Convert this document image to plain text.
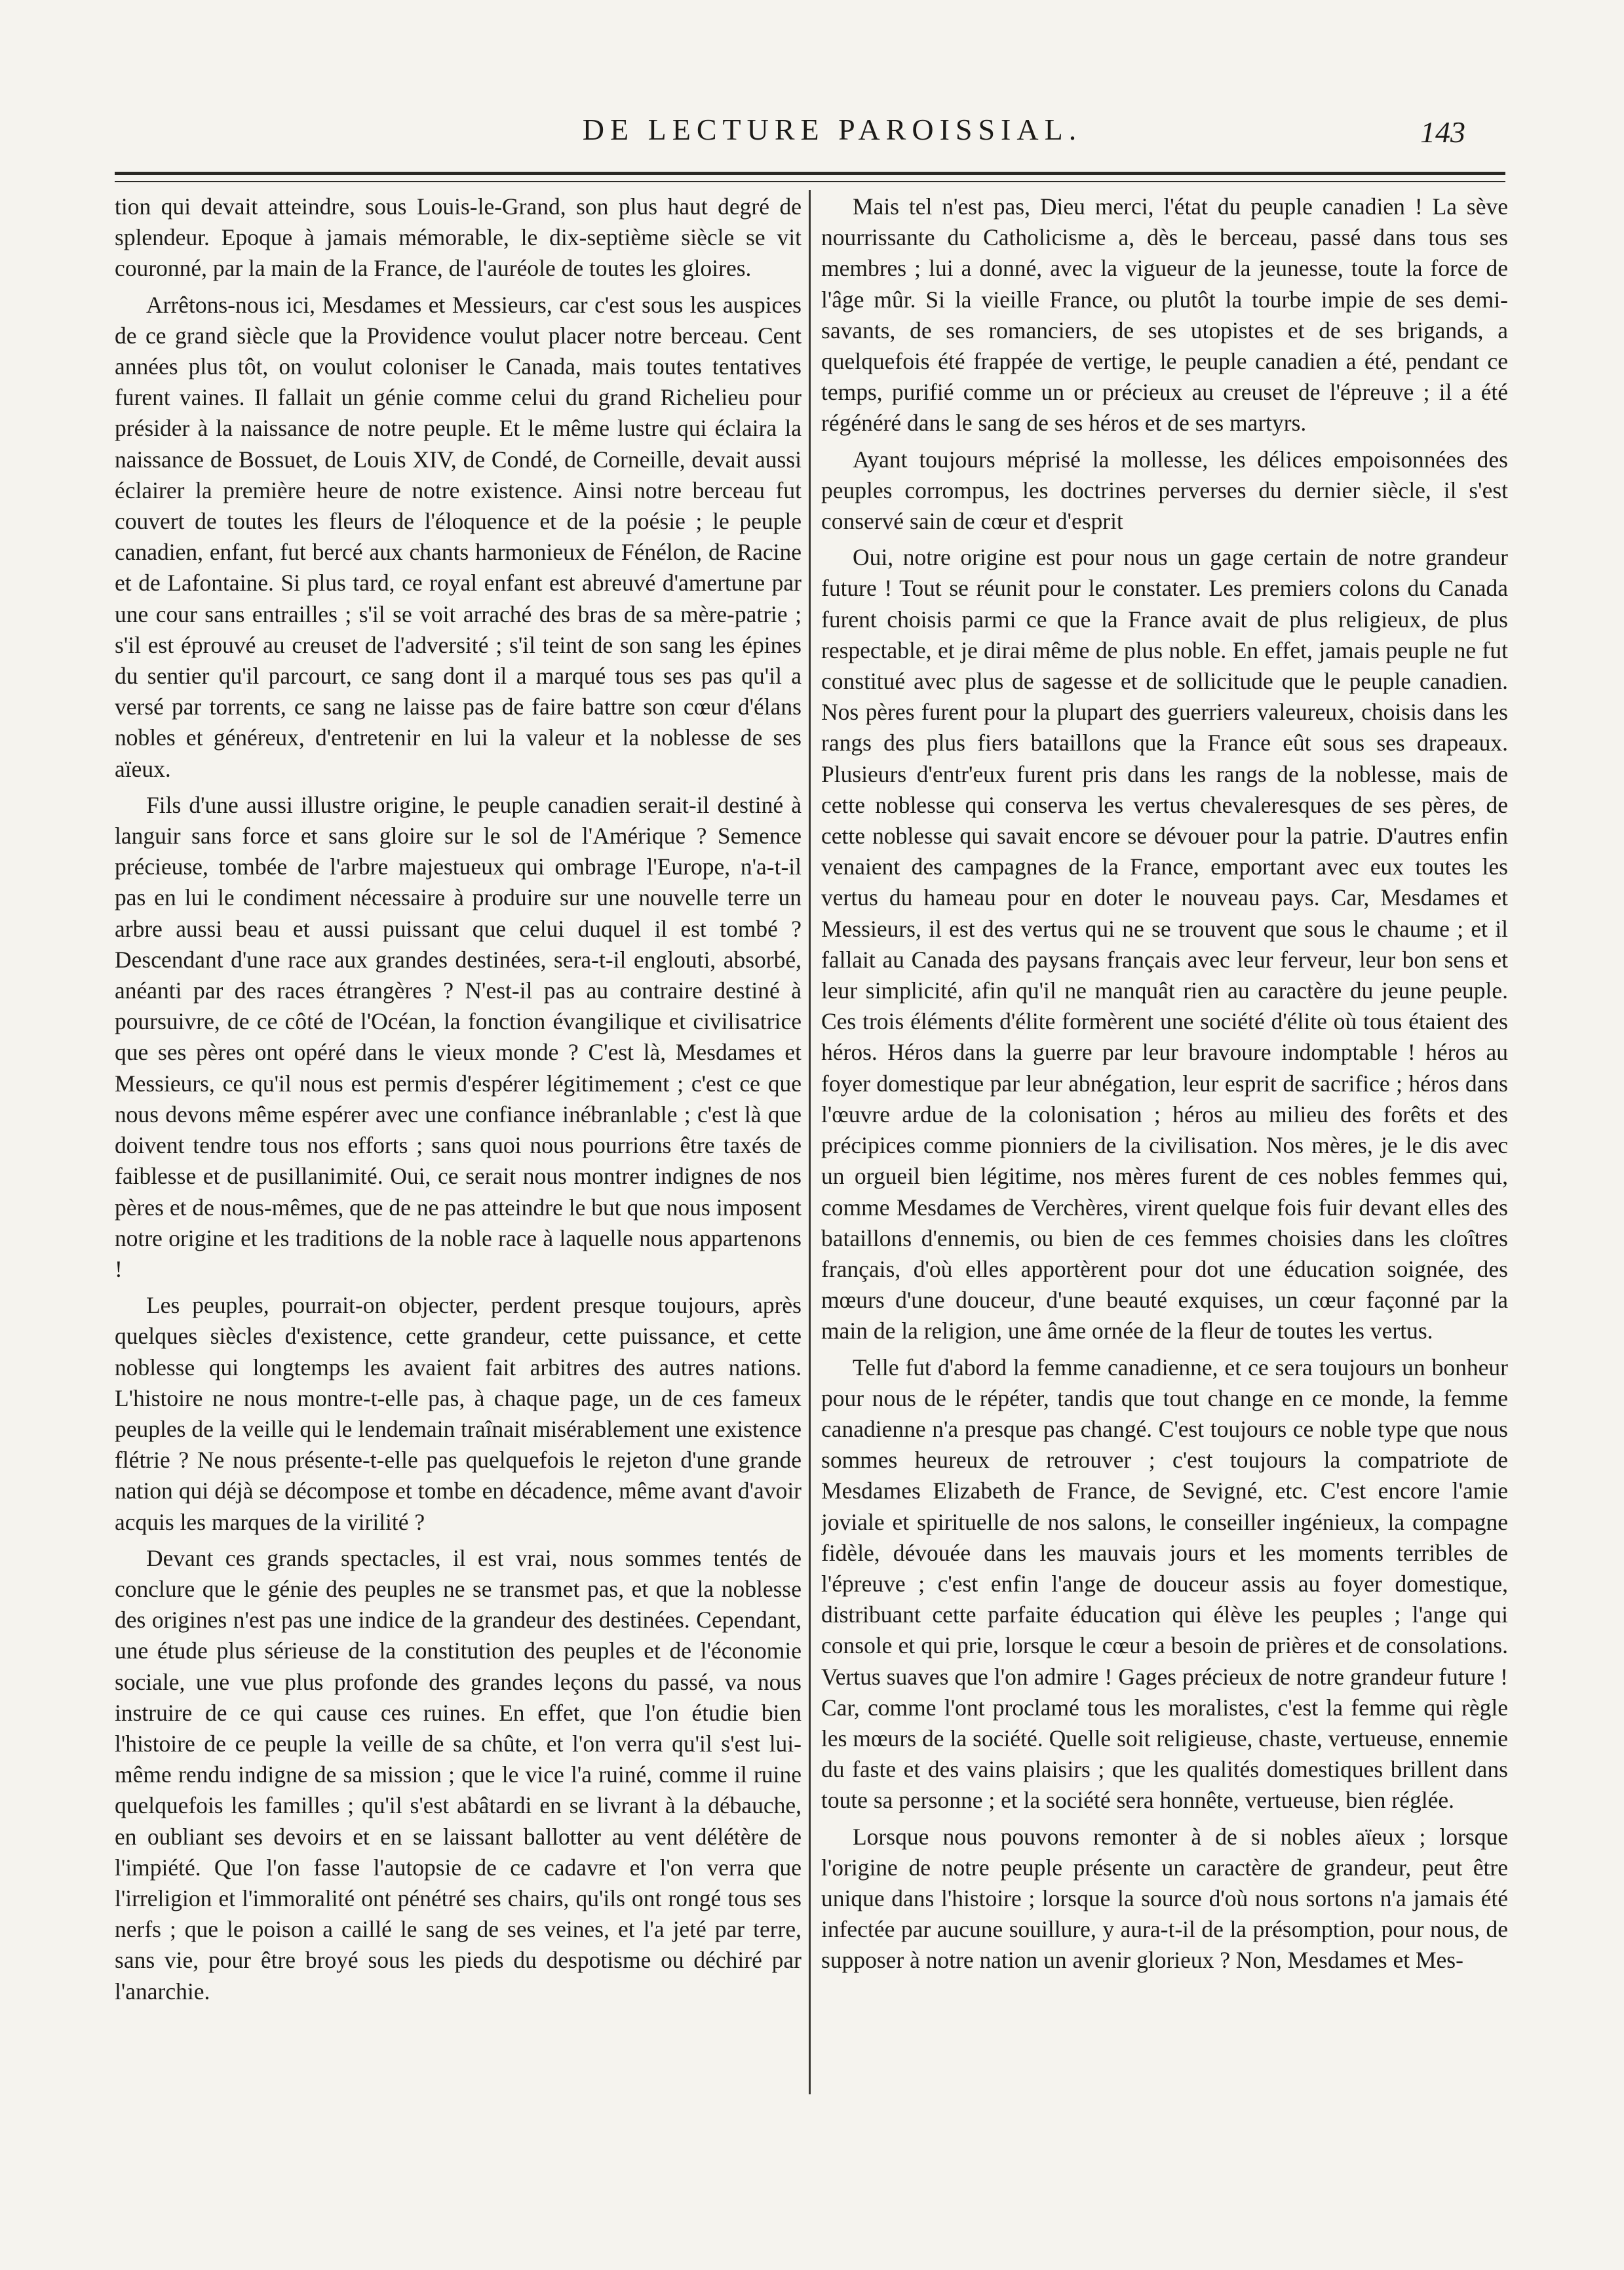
DE LECTURE PAROISSIAL.	143

tion qui devait atteindre, sous Louis-le-Grand, son plus haut degré de splendeur. Epoque à jamais mémorable, le dix-septième siècle se vit couronné, par la main de la France, de l'auréole de toutes les gloires.

Arrêtons-nous ici, Mesdames et Messieurs, car c'est sous les auspices de ce grand siècle que la Providence voulut placer notre berceau. Cent années plus tôt, on voulut coloniser le Canada, mais toutes tentatives furent vaines. Il fallait un génie comme celui du grand Richelieu pour présider à la naissance de notre peuple. Et le même lustre qui éclaira la naissance de Bossuet, de Louis XIV, de Condé, de Corneille, devait aussi éclairer la première heure de notre existence. Ainsi notre berceau fut couvert de toutes les fleurs de l'éloquence et de la poésie ; le peuple canadien, enfant, fut bercé aux chants harmonieux de Fénélon, de Racine et de Lafontaine. Si plus tard, ce royal enfant est abreuvé d'amertune par une cour sans entrailles ; s'il se voit arraché des bras de sa mère-patrie ; s'il est éprouvé au creuset de l'adversité ; s'il teint de son sang les épines du sentier qu'il parcourt, ce sang dont il a marqué tous ses pas qu'il a versé par torrents, ce sang ne laisse pas de faire battre son cœur d'élans nobles et généreux, d'entretenir en lui la valeur et la noblesse de ses aïeux.

Fils d'une aussi illustre origine, le peuple canadien serait-il destiné à languir sans force et sans gloire sur le sol de l'Amérique ? Semence précieuse, tombée de l'arbre majestueux qui ombrage l'Europe, n'a-t-il pas en lui le condiment nécessaire à produire sur une nouvelle terre un arbre aussi beau et aussi puissant que celui duquel il est tombé ? Descendant d'une race aux grandes destinées, sera-t-il englouti, absorbé, anéanti par des races étrangères ? N'est-il pas au contraire destiné à poursuivre, de ce côté de l'Océan, la fonction évangilique et civilisatrice que ses pères ont opéré dans le vieux monde ? C'est là, Mesdames et Messieurs, ce qu'il nous est permis d'espérer légitimement ; c'est ce que nous devons même espérer avec une confiance inébranlable ; c'est là que doivent tendre tous nos efforts ; sans quoi nous pourrions être taxés de faiblesse et de pusillanimité. Oui, ce serait nous montrer indignes de nos pères et de nous-mêmes, que de ne pas atteindre le but que nous imposent notre origine et les traditions de la noble race à laquelle nous appartenons !

Les peuples, pourrait-on objecter, perdent presque toujours, après quelques siècles d'existence, cette grandeur, cette puissance, et cette noblesse qui longtemps les avaient fait arbitres des autres nations. L'histoire ne nous montre-t-elle pas, à chaque page, un de ces fameux peuples de la veille qui le lendemain traînait misérablement une existence flétrie ? Ne nous présente-t-elle pas quelquefois le rejeton d'une grande nation qui déjà se décompose et tombe en décadence, même avant d'avoir acquis les marques de la virilité ?

Devant ces grands spectacles, il est vrai, nous sommes tentés de conclure que le génie des peuples ne se transmet pas, et que la noblesse des origines n'est pas une indice de la grandeur des destinées. Cependant, une étude plus sérieuse de la constitution des peuples et de l'économie sociale, une vue plus profonde des grandes leçons du passé, va nous instruire de ce qui cause ces ruines. En effet, que l'on étudie bien l'histoire de ce peuple la veille de sa chûte, et l'on verra qu'il s'est lui-même rendu indigne de sa mission ; que le vice l'a ruiné, comme il ruine quelquefois les familles ; qu'il s'est abâtardi en se livrant à la débauche, en oubliant ses devoirs et en se laissant ballotter au vent délétère de l'impiété. Que l'on fasse l'autopsie de ce cadavre et l'on verra que l'irreligion et l'immoralité ont pénétré ses chairs, qu'ils ont rongé tous ses nerfs ; que le poison a caillé le sang de ses veines, et l'a jeté par terre, sans vie, pour être broyé sous les pieds du despotisme ou déchiré par l'anarchie.

Mais tel n'est pas, Dieu merci, l'état du peuple canadien ! La sève nourrissante du Catholicisme a, dès le berceau, passé dans tous ses membres ; lui a donné, avec la vigueur de la jeunesse, toute la force de l'âge mûr. Si la vieille France, ou plutôt la tourbe impie de ses demi-savants, de ses romanciers, de ses utopistes et de ses brigands, a quelquefois été frappée de vertige, le peuple canadien a été, pendant ce temps, purifié comme un or précieux au creuset de l'épreuve ; il a été régénéré dans le sang de ses héros et de ses martyrs.

Ayant toujours méprisé la mollesse, les délices empoisonnées des peuples corrompus, les doctrines perverses du dernier siècle, il s'est conservé sain de cœur et d'esprit

Oui, notre origine est pour nous un gage certain de notre grandeur future ! Tout se réunit pour le constater. Les premiers colons du Canada furent choisis parmi ce que la France avait de plus religieux, de plus respectable, et je dirai même de plus noble. En effet, jamais peuple ne fut constitué avec plus de sagesse et de sollicitude que le peuple canadien. Nos pères furent pour la plupart des guerriers valeureux, choisis dans les rangs des plus fiers bataillons que la France eût sous ses drapeaux. Plusieurs d'entr'eux furent pris dans les rangs de la noblesse, mais de cette noblesse qui conserva les vertus chevaleresques de ses pères, de cette noblesse qui savait encore se dévouer pour la patrie. D'autres enfin venaient des campagnes de la France, emportant avec eux toutes les vertus du hameau pour en doter le nouveau pays. Car, Mesdames et Messieurs, il est des vertus qui ne se trouvent que sous le chaume ; et il fallait au Canada des paysans français avec leur ferveur, leur bon sens et leur simplicité, afin qu'il ne manquât rien au caractère du jeune peuple. Ces trois éléments d'élite formèrent une société d'élite où tous étaient des héros. Héros dans la guerre par leur bravoure indomptable ! héros au foyer domestique par leur abnégation, leur esprit de sacrifice ; héros dans l'œuvre ardue de la colonisation ; héros au milieu des forêts et des précipices comme pionniers de la civilisation. Nos mères, je le dis avec un orgueil bien légitime, nos mères furent de ces nobles femmes qui, comme Mesdames de Verchères, virent quelque fois fuir devant elles des bataillons d'ennemis, ou bien de ces femmes choisies dans les cloîtres français, d'où elles apportèrent pour dot une éducation soignée, des mœurs d'une douceur, d'une beauté exquises, un cœur façonné par la main de la religion, une âme ornée de la fleur de toutes les vertus.

Telle fut d'abord la femme canadienne, et ce sera toujours un bonheur pour nous de le répéter, tandis que tout change en ce monde, la femme canadienne n'a presque pas changé. C'est toujours ce noble type que nous sommes heureux de retrouver ; c'est toujours la compatriote de Mesdames Elizabeth de France, de Sevigné, etc. C'est encore l'amie joviale et spirituelle de nos salons, le conseiller ingénieux, la compagne fidèle, dévouée dans les mauvais jours et les moments terribles de l'épreuve ; c'est enfin l'ange de douceur assis au foyer domestique, distribuant cette parfaite éducation qui élève les peuples ; l'ange qui console et qui prie, lorsque le cœur a besoin de prières et de consolations. Vertus suaves que l'on admire ! Gages précieux de notre grandeur future ! Car, comme l'ont proclamé tous les moralistes, c'est la femme qui règle les mœurs de la société. Quelle soit religieuse, chaste, vertueuse, ennemie du faste et des vains plaisirs ; que les qualités domestiques brillent dans toute sa personne ; et la société sera honnête, vertueuse, bien réglée.

Lorsque nous pouvons remonter à de si nobles aïeux ; lorsque l'origine de notre peuple présente un caractère de grandeur, peut être unique dans l'histoire ; lorsque la source d'où nous sortons n'a jamais été infectée par aucune souillure, y aura-t-il de la présomption, pour nous, de supposer à notre nation un avenir glorieux ? Non, Mesdames et Mes-
